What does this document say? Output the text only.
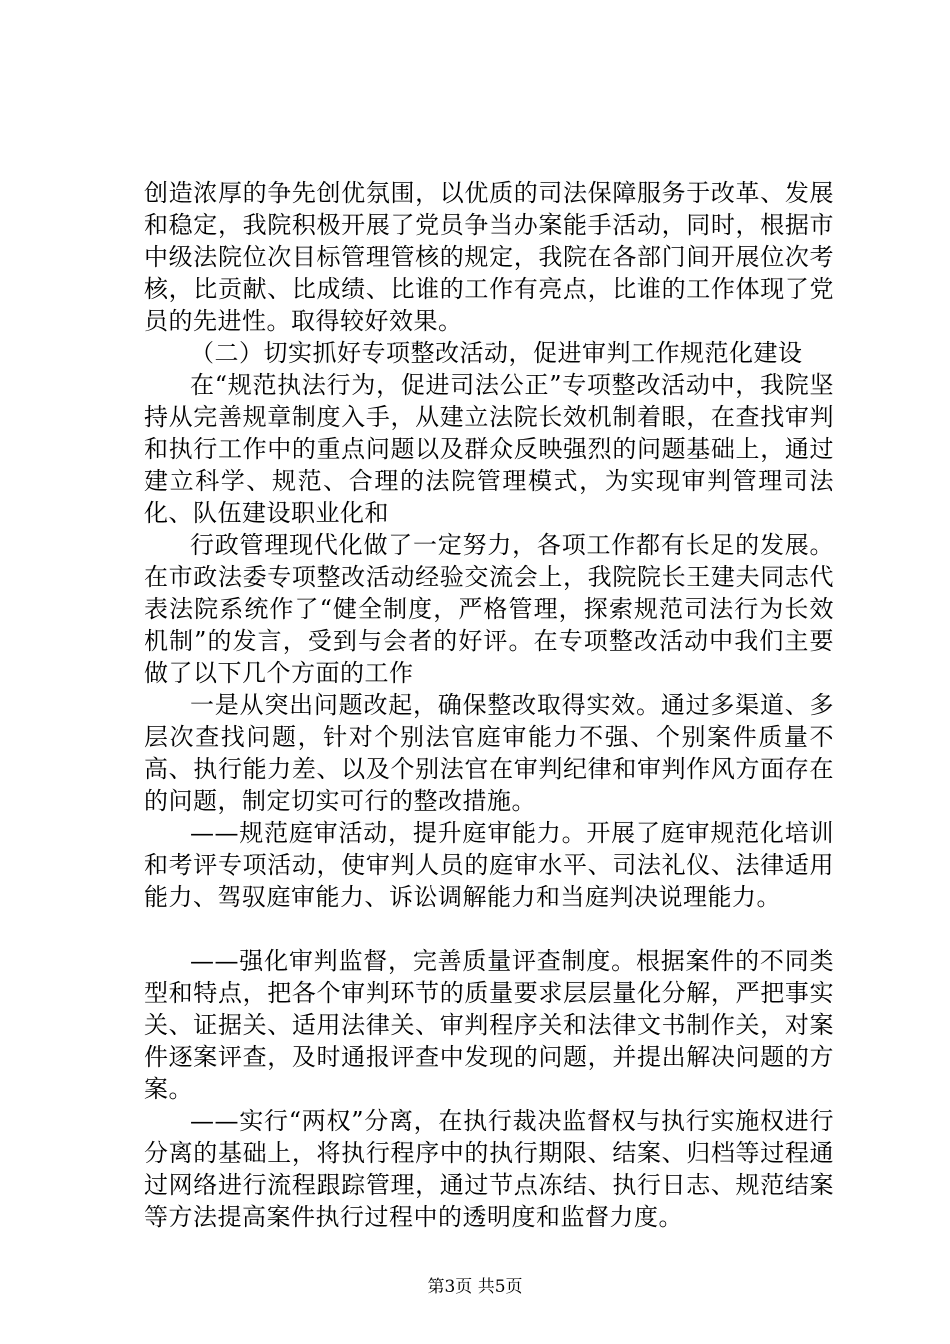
创造浓厚的争先创优氛围，以优质的司法保障服务于改革、发展和稳定，我院积极开展了党员争当办案能手活动，同时，根据市中级法院位次目标管理管核的规定，我院在各部门间开展位次考核，比贡献、比成绩、比谁的工作有亮点，比谁的工作体现了党员的先进性。取得较好效果。

（二）切实抓好专项整改活动，促进审判工作规范化建设

在“规范执法行为，促进司法公正”专项整改活动中，我院坚持从完善规章制度入手，从建立法院长效机制着眼，在查找审判和执行工作中的重点问题以及群众反映强烈的问题基础上，通过建立科学、规范、合理的法院管理模式，为实现审判管理司法化、队伍建设职业化和

行政管理现代化做了一定努力，各项工作都有长足的发展。在市政法委专项整改活动经验交流会上，我院院长王建夫同志代表法院系统作了“健全制度，严格管理，探索规范司法行为长效机制”的发言，受到与会者的好评。在专项整改活动中我们主要做了以下几个方面的工作

一是从突出问题改起，确保整改取得实效。通过多渠道、多层次查找问题，针对个别法官庭审能力不强、个别案件质量不高、执行能力差、以及个别法官在审判纪律和审判作风方面存在的问题，制定切实可行的整改措施。

——规范庭审活动，提升庭审能力。开展了庭审规范化培训和考评专项活动，使审判人员的庭审水平、司法礼仪、法律适用能力、驾驭庭审能力、诉讼调解能力和当庭判决说理能力。

——强化审判监督，完善质量评查制度。根据案件的不同类型和特点，把各个审判环节的质量要求层层量化分解，严把事实关、证据关、适用法律关、审判程序关和法律文书制作关，对案件逐案评查，及时通报评查中发现的问题，并提出解决问题的方案。

——实行“两权”分离，在执行裁决监督权与执行实施权进行分离的基础上，将执行程序中的执行期限、结案、归档等过程通过网络进行流程跟踪管理，通过节点冻结、执行日志、规范结案等方法提高案件执行过程中的透明度和监督力度。

第3页 共5页
